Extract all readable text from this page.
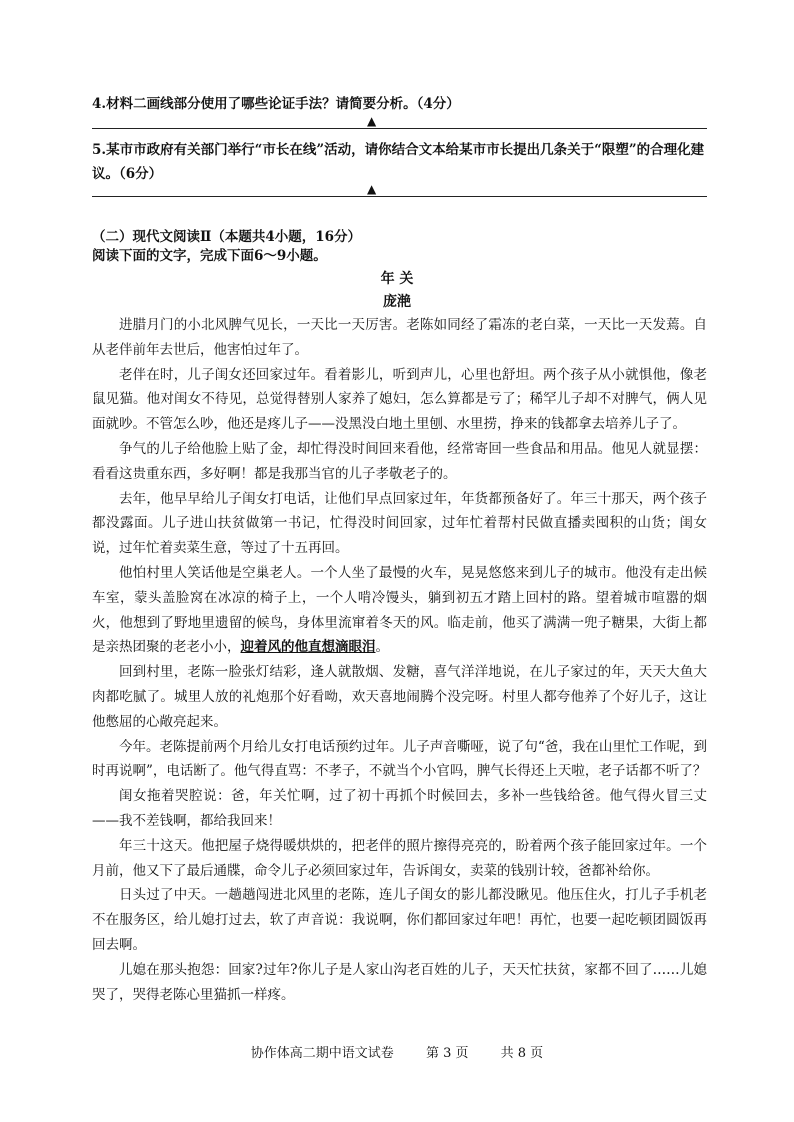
4.材料二画线部分使用了哪些论证手法？请简要分析。（4分）
▲
5.某市市政府有关部门举行“市长在线”活动，请你结合文本给某市市长提出几条关于“限塑”的合理化建议。（6分）
▲
（二）现代文阅读Ⅱ（本题共4小题，16分）
阅读下面的文字，完成下面6～9小题。
年 关
庞滟

进腊月门的小北风脾气见长，一天比一天厉害。老陈如同经了霜冻的老白菜，一天比一天发蔫。自从老伴前年去世后，他害怕过年了。

老伴在时，儿子闺女还回家过年。看着影儿，听到声儿，心里也舒坦。两个孩子从小就惧他，像老鼠见猫。他对闺女不待见，总觉得替别人家养了媳妇，怎么算都是亏了；稀罕儿子却不对脾气，俩人见面就吵。不管怎么吵，他还是疼儿子——没黑没白地土里刨、水里捞，挣来的钱都拿去培养儿子了。

争气的儿子给他脸上贴了金，却忙得没时间回来看他，经常寄回一些食品和用品。他见人就显摆：看看这贵重东西，多好啊！都是我那当官的儿子孝敬老子的。

去年，他早早给儿子闺女打电话，让他们早点回家过年，年货都预备好了。年三十那天，两个孩子都没露面。儿子进山扶贫做第一书记，忙得没时间回家，过年忙着帮村民做直播卖囤积的山货；闺女说，过年忙着卖菜生意，等过了十五再回。

他怕村里人笑话他是空巢老人。一个人坐了最慢的火车，晃晃悠悠来到儿子的城市。他没有走出候车室，蒙头盖脸窝在冰凉的椅子上，一个人啃冷馒头，躺到初五才踏上回村的路。望着城市喧嚣的烟火，他想到了野地里遗留的候鸟，身体里流窜着冬天的风。临走前，他买了满满一兜子糖果，大街上都是亲热团聚的老老小小，迎着风的他直想滴眼泪。

回到村里，老陈一脸张灯结彩，逢人就散烟、发糖，喜气洋洋地说，在儿子家过的年，天天大鱼大肉都吃腻了。城里人放的礼炮那个好看呦，欢天喜地闹腾个没完呀。村里人都夸他养了个好儿子，这让他憋屈的心敞亮起来。

今年。老陈提前两个月给儿女打电话预约过年。儿子声音嘶哑，说了句“爸，我在山里忙工作呢，到时再说啊”，电话断了。他气得直骂：不孝子，不就当个小官吗，脾气长得还上天啦，老子话都不听了？

闺女拖着哭腔说：爸，年关忙啊，过了初十再抓个时候回去，多补一些钱给爸。他气得火冒三丈——我不差钱啊，都给我回来！

年三十这天。他把屋子烧得暖烘烘的，把老伴的照片擦得亮亮的，盼着两个孩子能回家过年。一个月前，他又下了最后通牒，命令儿子必须回家过年，告诉闺女，卖菜的钱别计较，爸都补给你。

日头过了中天。一趟趟闯进北风里的老陈，连儿子闺女的影儿都没瞅见。他压住火，打儿子手机老不在服务区，给儿媳打过去，软了声音说：我说啊，你们都回家过年吧！再忙，也要一起吃顿团圆饭再回去啊。

儿媳在那头抱怨：回家?过年?你儿子是人家山沟老百姓的儿子，天天忙扶贫，家都不回了……儿媳哭了，哭得老陈心里猫抓一样疼。

协作体高二期中语文试卷 第 3 页 共 8 页
